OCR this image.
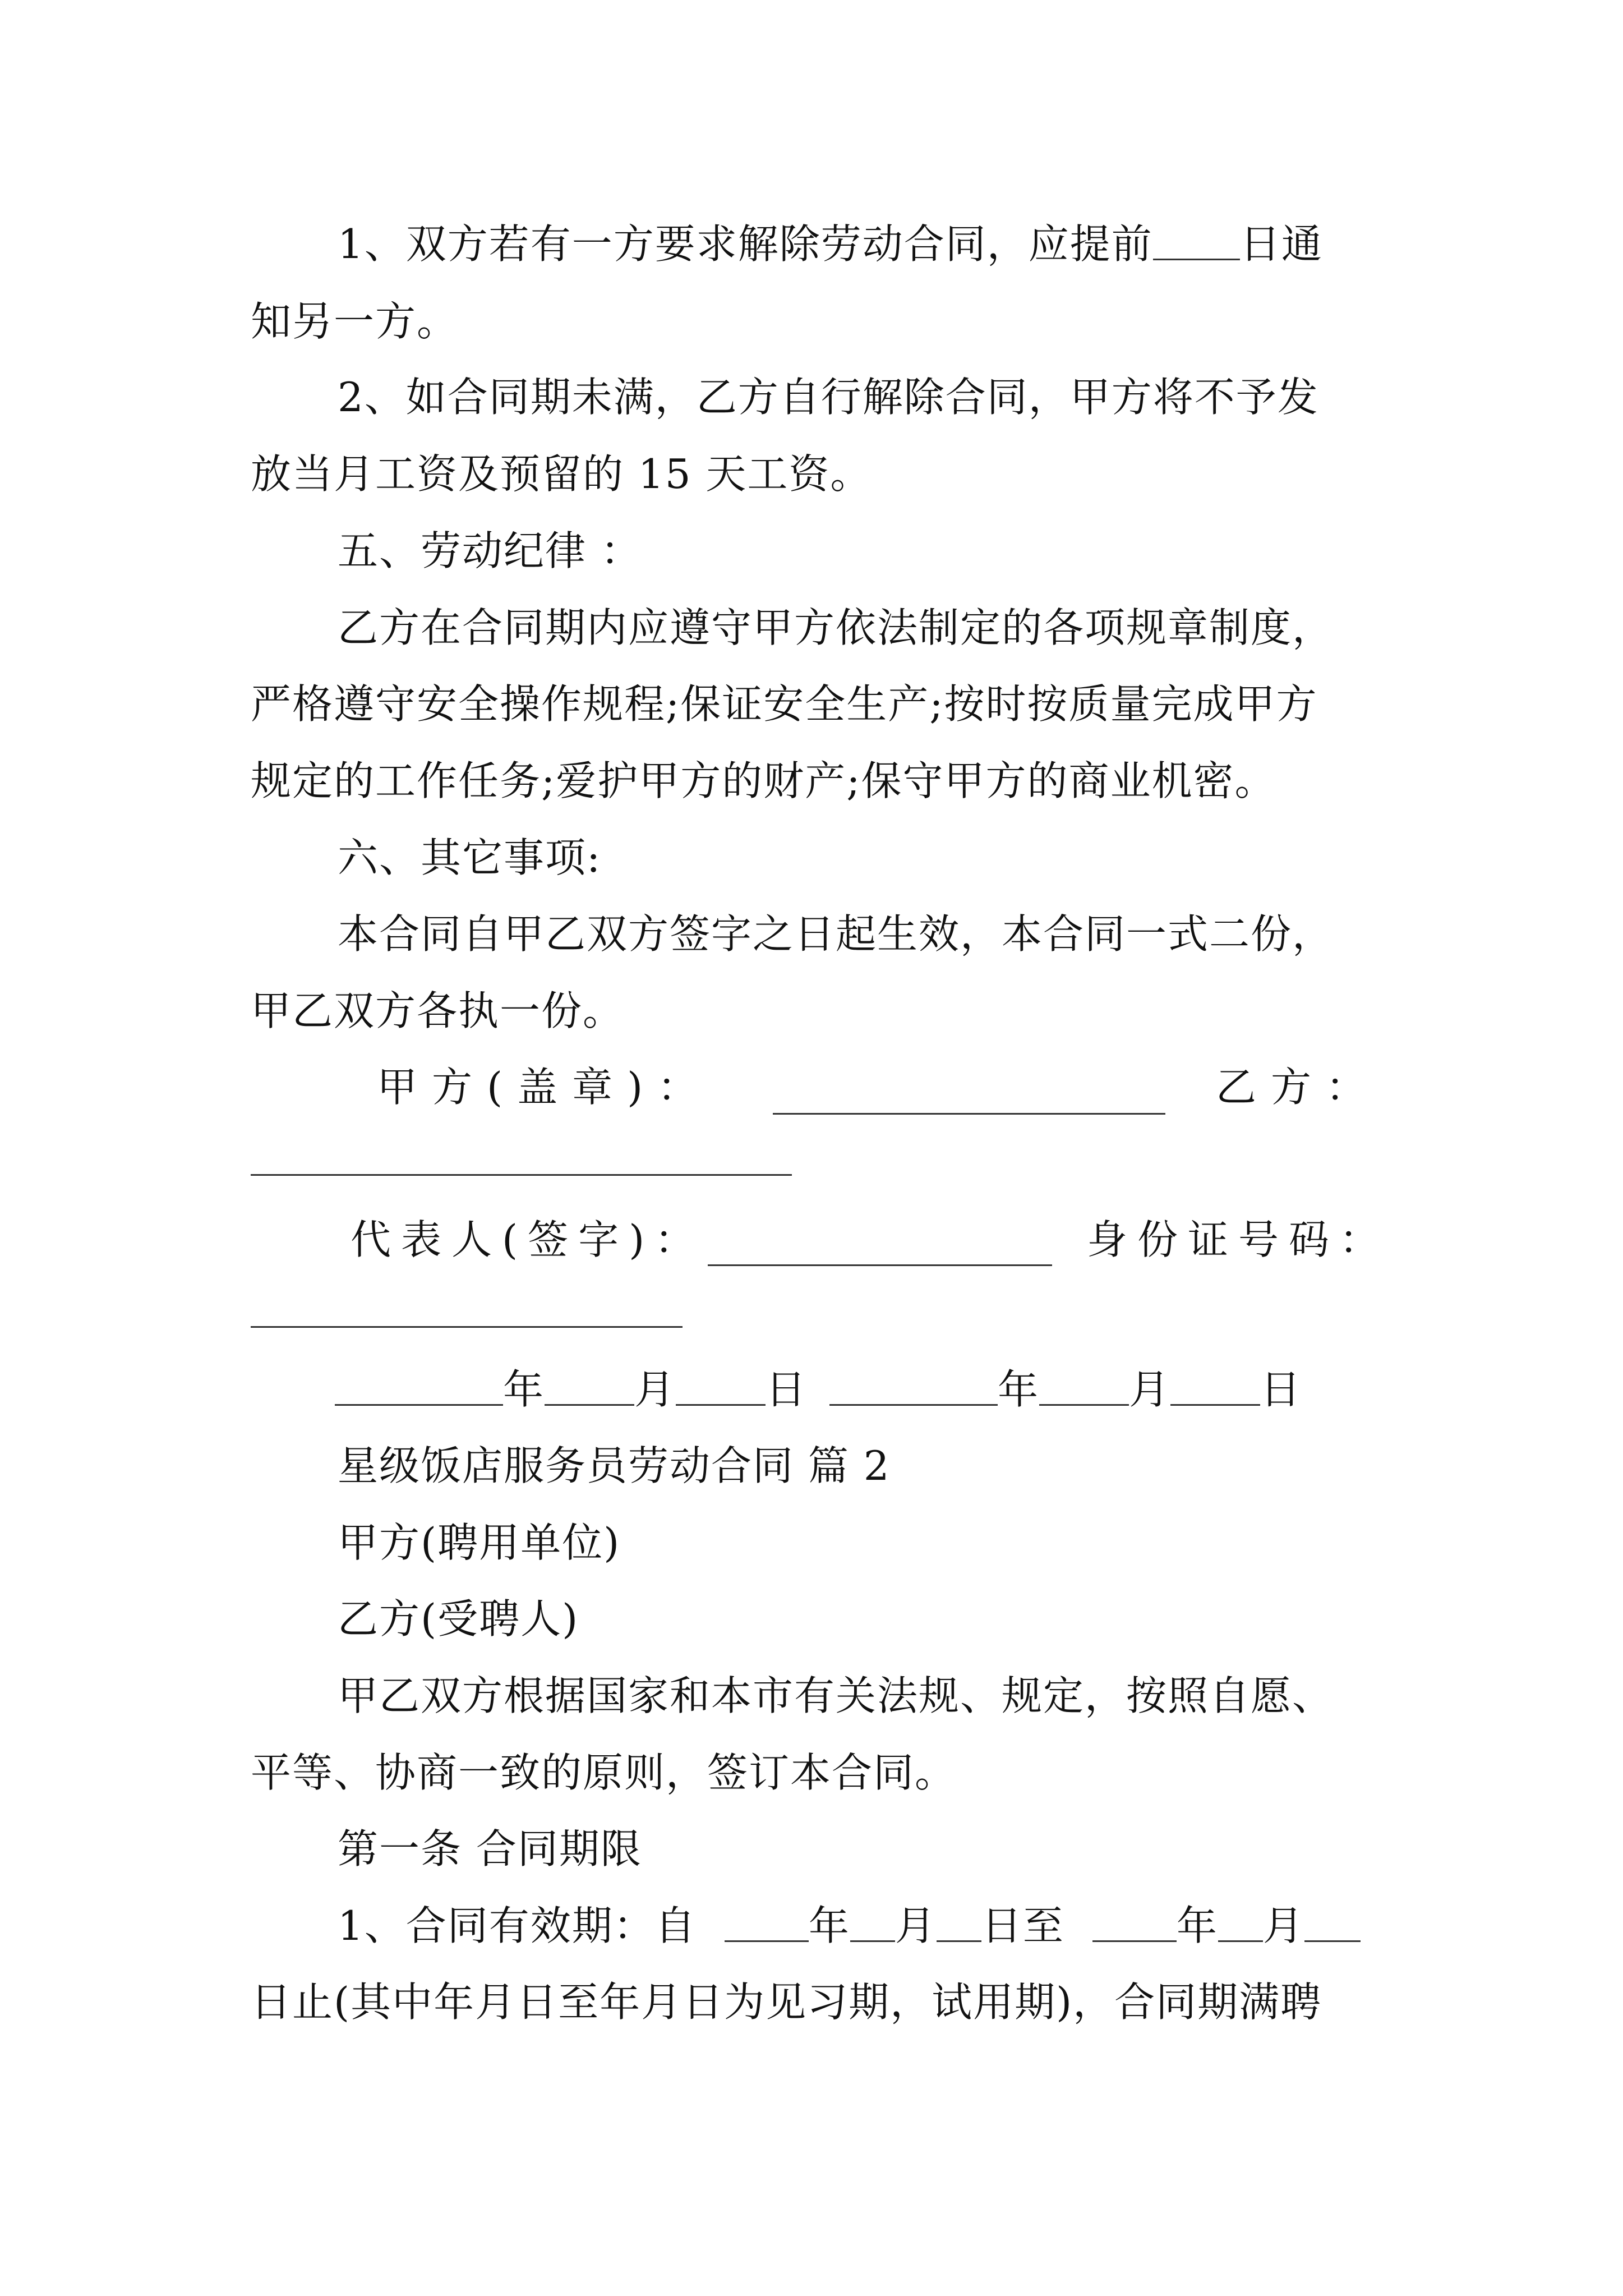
1、双方若有一方要求解除劳动合同，应提前 日通
知另一方。
2、如合同期未满，乙方自行解除合同，甲方将不予发
放当月工资及预留的 15 天工资。
五、劳动纪律 ：
乙方在合同期内应遵守甲方依法制定的各项规章制度，
严格遵守安全操作规程;保证安全生产;按时按质量完成甲方
规定的工作任务;爱护甲方的财产;保守甲方的商业机密。
六、其它事项:
本合同自甲乙双方签字之日起生效，本合同一式二份，
甲乙双方各执一份。
甲方(盖章)：	乙方：
代表人(签字)：	身份证号码：
年 月 日	年 月 日
星级饭店服务员劳动合同 篇 2
甲方(聘用单位)
乙方(受聘人)
甲乙双方根据国家和本市有关法规、规定，按照自愿、
平等、协商一致的原则，签订本合同。
第一条 合同期限
1、合同有效期：自	年 月 日至	年 月
日止(其中年月日至年月日为见习期，试用期)，合同期满聘
